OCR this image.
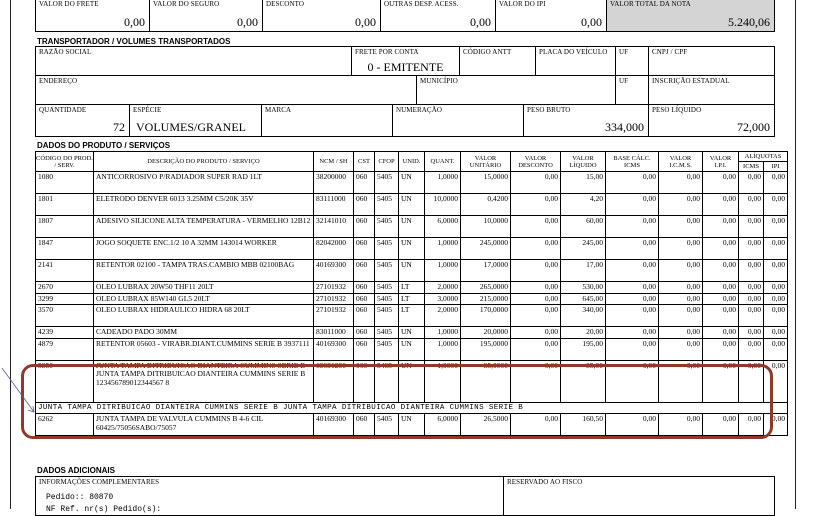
VALOR DO FRETE
0,00
VALOR DO SEGURO
0,00
DESCONTO
0,00
OUTRAS DESP. ACESS.
0,00
VALOR DO IPI
0,00
VALOR TOTAL DA NOTA
5.240,06
TRANSPORTADOR / VOLUMES TRANSPORTADOS
RAZÃO SOCIAL	FRETE POR CONTA
0 - EMITENTE
CÓDIGO ANTT	PLACA DO VEÍCULO UF	CNPJ / CPF
ENDEREÇO	MUNICÍPIO	UF	INSCRIÇÃO ESTADUAL
QUANTIDADE
72
ESPÉCIE
VOLUMES/GRANEL
MARCA	NUMERAÇÃO	PESO BRUTO
334,000
PESO LÍQUIDO
72,000
DADOS DO PRODUTO / SERVIÇOS
CÓDIGO DO PROD. / SERV.	DESCRIÇÃO DO PRODUTO / SERVIÇO	NCM / SH	CST	CFOP	UNID.	QUANT.	VALOR UNITÁRIO	VALOR DESCONTO	VALOR LÍQUIDO	BASE CÁLC. ICMS	VALOR I.C.M.S.	VALOR I.P.I.	ALÍQUOTAS	
													ICMS	IPI
1080	ANTICORROSIVO P/RADIADOR SUPER RAD 1LT	38200000	060	5405	UN	1,0000	15,0000	0,00	15,00	0,00	0,00	0,00	0,00	0,00
1801	ELETRODO DENVER 6013 3.25MM C5/20K 35V	83111000	060	5405	UN	10,0000	0,4200	0,00	4,20	0,00	0,00	0,00	0,00	0,00
1807	ADESIVO SILICONE ALTA TEMPERATURA - VERMELHO 12B12	32141010	060	5405	UN	6,0000	10,0000	0,00	60,00	0,00	0,00	0,00	0,00	0,00
1847	JOGO SOQUETE ENC.1/2 10 A 32MM 143014 WORKER	82042000	060	5405	UN	1,0000	245,0000	0,00	245,00	0,00	0,00	0,00	0,00	0,00
2141	RETENTOR 02100 - TAMPA TRAS.CAMBIO MBB 02100BAG	40169300	060	5405	UN	1,0000	17,0000	0,00	17,00	0,00	0,00	0,00	0,00	0,00
2670	OLEO LUBRAX 20W50 THF11 20LT	27101932	060	5405	LT	2,0000	265,0000	0,00	530,00	0,00	0,00	0,00	0,00	0,00
3299	OLEO LUBRAX 85W140 GL5 20LT	27101932	060	5405	LT	3,0000	215,0000	0,00	645,00	0,00	0,00	0,00	0,00	0,00
3570	OLEO LUBRAX HIDRAULICO HIDRA 68 20LT	27101932	060	5405	LT	2,0000	170,0000	0,00	340,00	0,00	0,00	0,00	0,00	0,00
4239	CADEADO PADO 30MM	83011000	060	5405	UN	1,0000	20,0000	0,00	20,00	0,00	0,00	0,00	0,00	0,00
4879	RETENTOR 05603 - VIRABR.DIANT.CUMMINS SERIE B 3937111	40169300	060	5405	UN	1,0000	195,0000	0,00	195,00	0,00	0,00	0,00	0,00	0,00
5850	JUNTA TAMPA DITRIBUICAO DIANTEIRA CUMMINS SERIE B JUNTA TAMPA DITRIBUICAO DIANTEIRA CUMMINS SERIE B 123456789012344567 8	69091230	060	5405	UN	1,0000	85,0000	0,00	85,00	0,00	0,00	0,00	0,00	0,00
JUNTA TAMPA DITRIBUICAO DIANTEIRA CUMMINS SERIE B JUNTA TAMPA DITRIBUICAO DIANTEIRA CUMMINS SERIE B														
6262	JUNTA TAMPA DE VALVULA CUMMINS B 4-6 CIL 60425/75056SABO/75057	40169300	060	5405	UN	6,0000	26,5000	0,00	160,50	0,00	0,00	0,00	0,00	0,00
DADOS ADICIONAIS
INFORMAÇÕES COMPLEMENTARES
Pedido:: 80870
NF Ref. nr(s) Pedido(s):
RESERVADO AO FISCO
